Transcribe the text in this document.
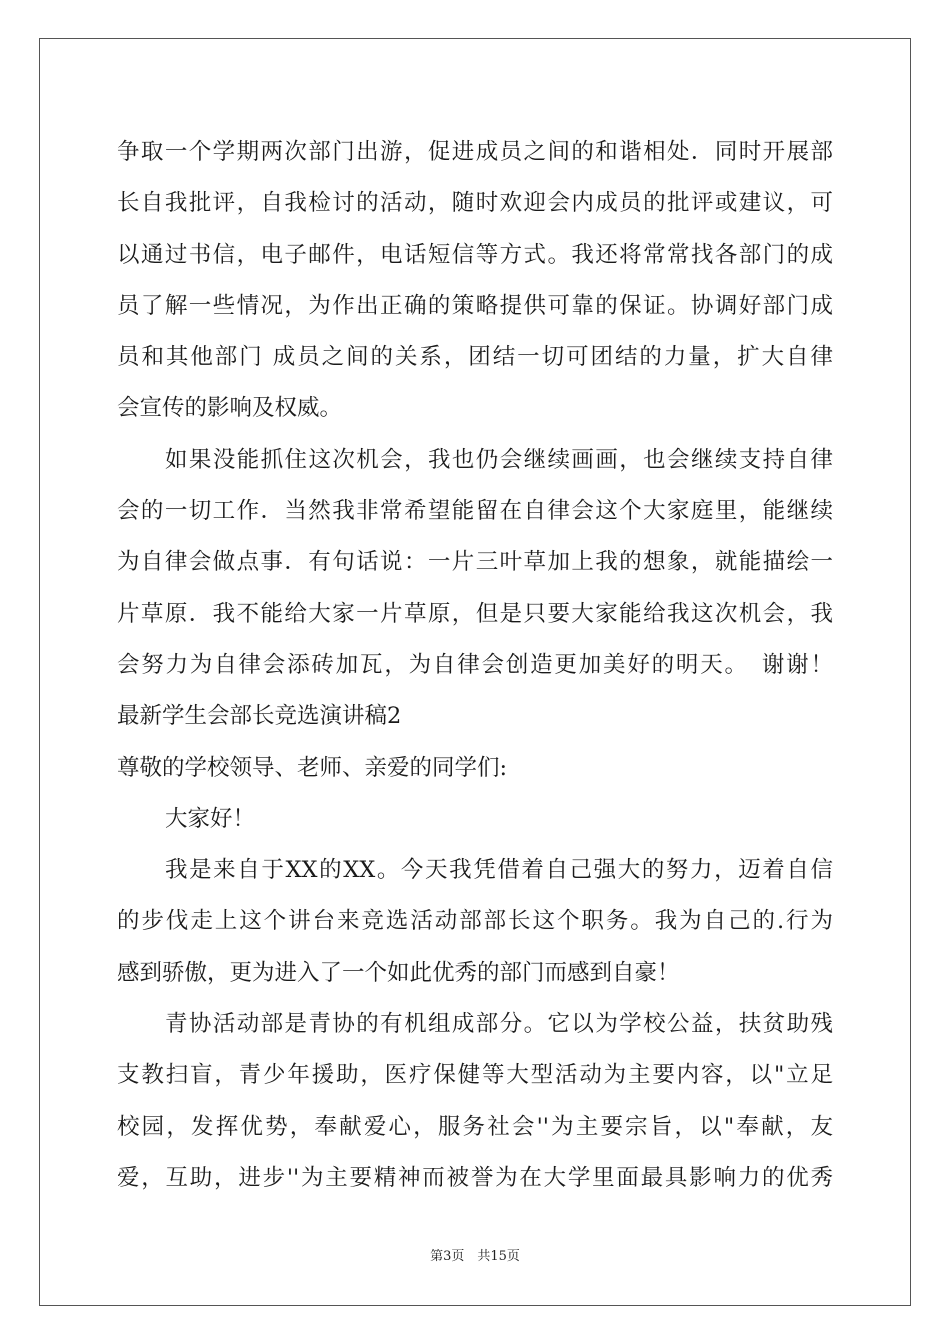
争取一个学期两次部门出游，促进成员之间的和谐相处．同时开展部
长自我批评，自我检讨的活动，随时欢迎会内成员的批评或建议，可
以通过书信，电子邮件，电话短信等方式。我还将常常找各部门的成
员了解一些情况，为作出正确的策略提供可靠的保证。协调好部门成
员和其他部门 成员之间的关系，团结一切可团结的力量，扩大自律
会宣传的影响及权威。
如果没能抓住这次机会，我也仍会继续画画，也会继续支持自律
会的一切工作．当然我非常希望能留在自律会这个大家庭里，能继续
为自律会做点事．有句话说：一片三叶草加上我的想象，就能描绘一
片草原．我不能给大家一片草原，但是只要大家能给我这次机会，我
会努力为自律会添砖加瓦，为自律会创造更加美好的明天。　谢谢！
最新学生会部长竞选演讲稿2
尊敬的学校领导、老师、亲爱的同学们:
大家好！
我是来自于XX的XX。今天我凭借着自己强大的努力，迈着自信
的步伐走上这个讲台来竞选活动部部长这个职务。我为自己的.行为
感到骄傲，更为进入了一个如此优秀的部门而感到自豪！
青协活动部是青协的有机组成部分。它以为学校公益，扶贫助残
支教扫盲，青少年援助，医疗保健等大型活动为主要内容，以"立足
校园，发挥优势，奉献爱心，服务社会''为主要宗旨，以"奉献，友
爱，互助，进步''为主要精神而被誉为在大学里面最具影响力的优秀
第3页　共15页
